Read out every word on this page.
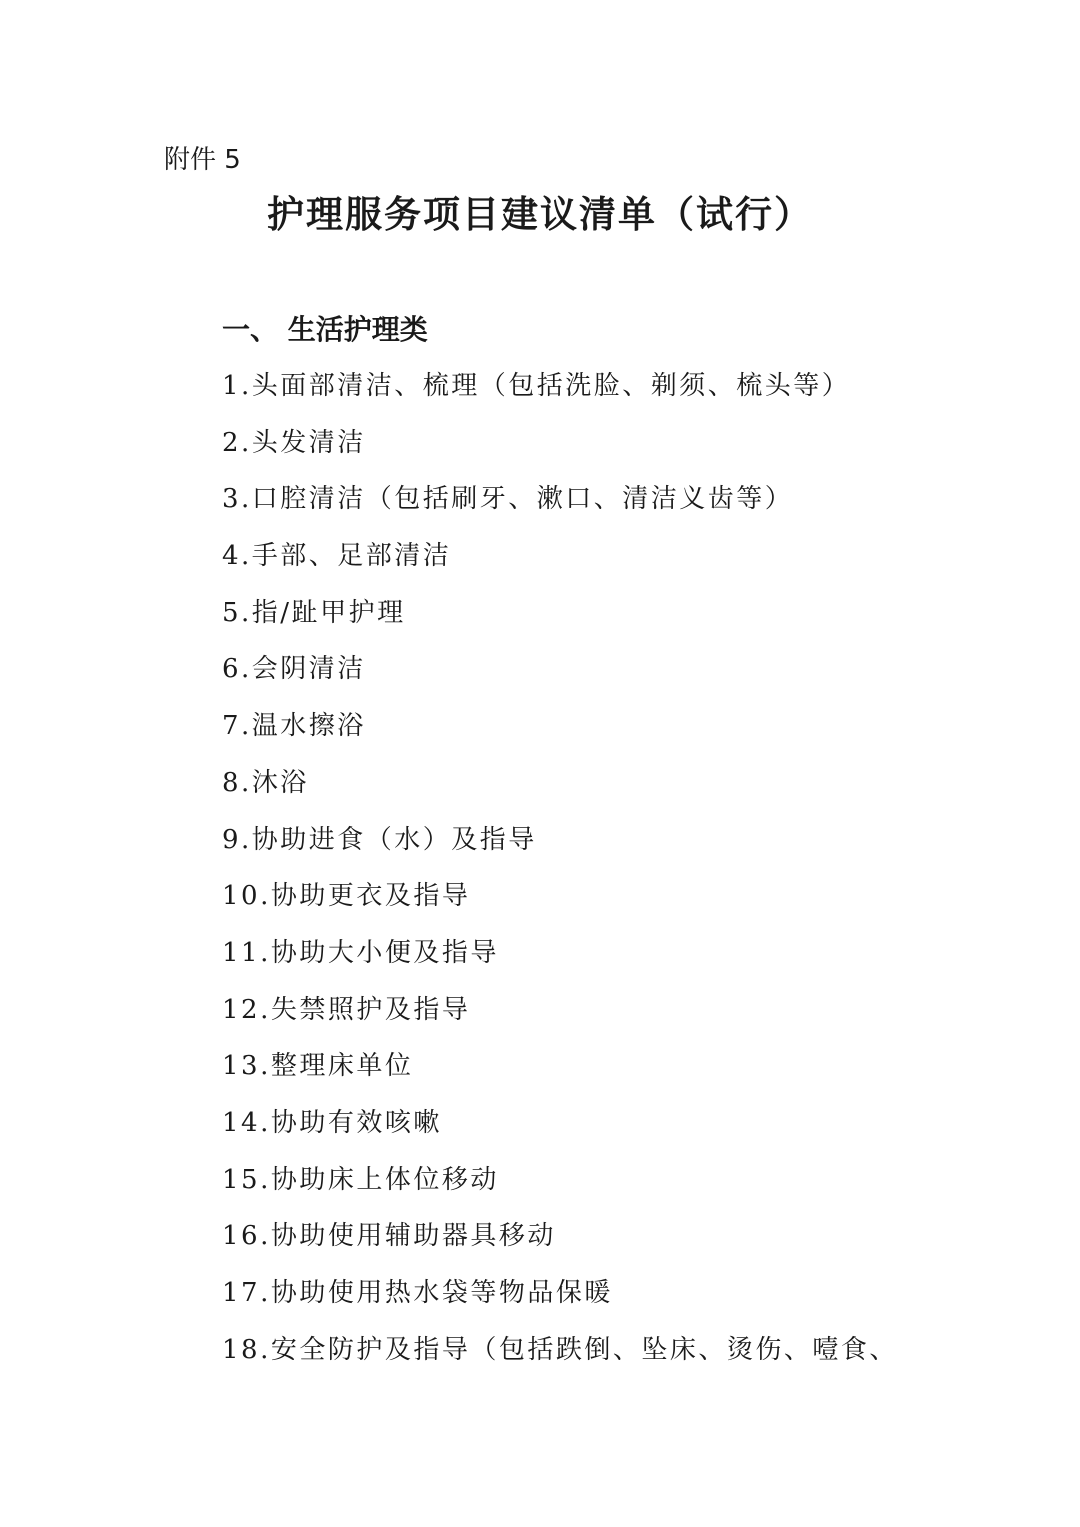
附件 5
护理服务项目建议清单（试行）
一、 生活护理类
1.头面部清洁、梳理（包括洗脸、剃须、梳头等）
2.头发清洁
3.口腔清洁（包括刷牙、漱口、清洁义齿等）
4.手部、足部清洁
5.指/趾甲护理
6.会阴清洁
7.温水擦浴
8.沐浴
9.协助进食（水）及指导
10.协助更衣及指导
11.协助大小便及指导
12.失禁照护及指导
13.整理床单位
14.协助有效咳嗽
15.协助床上体位移动
16.协助使用辅助器具移动
17.协助使用热水袋等物品保暖
18.安全防护及指导（包括跌倒、坠床、烫伤、噎食、
